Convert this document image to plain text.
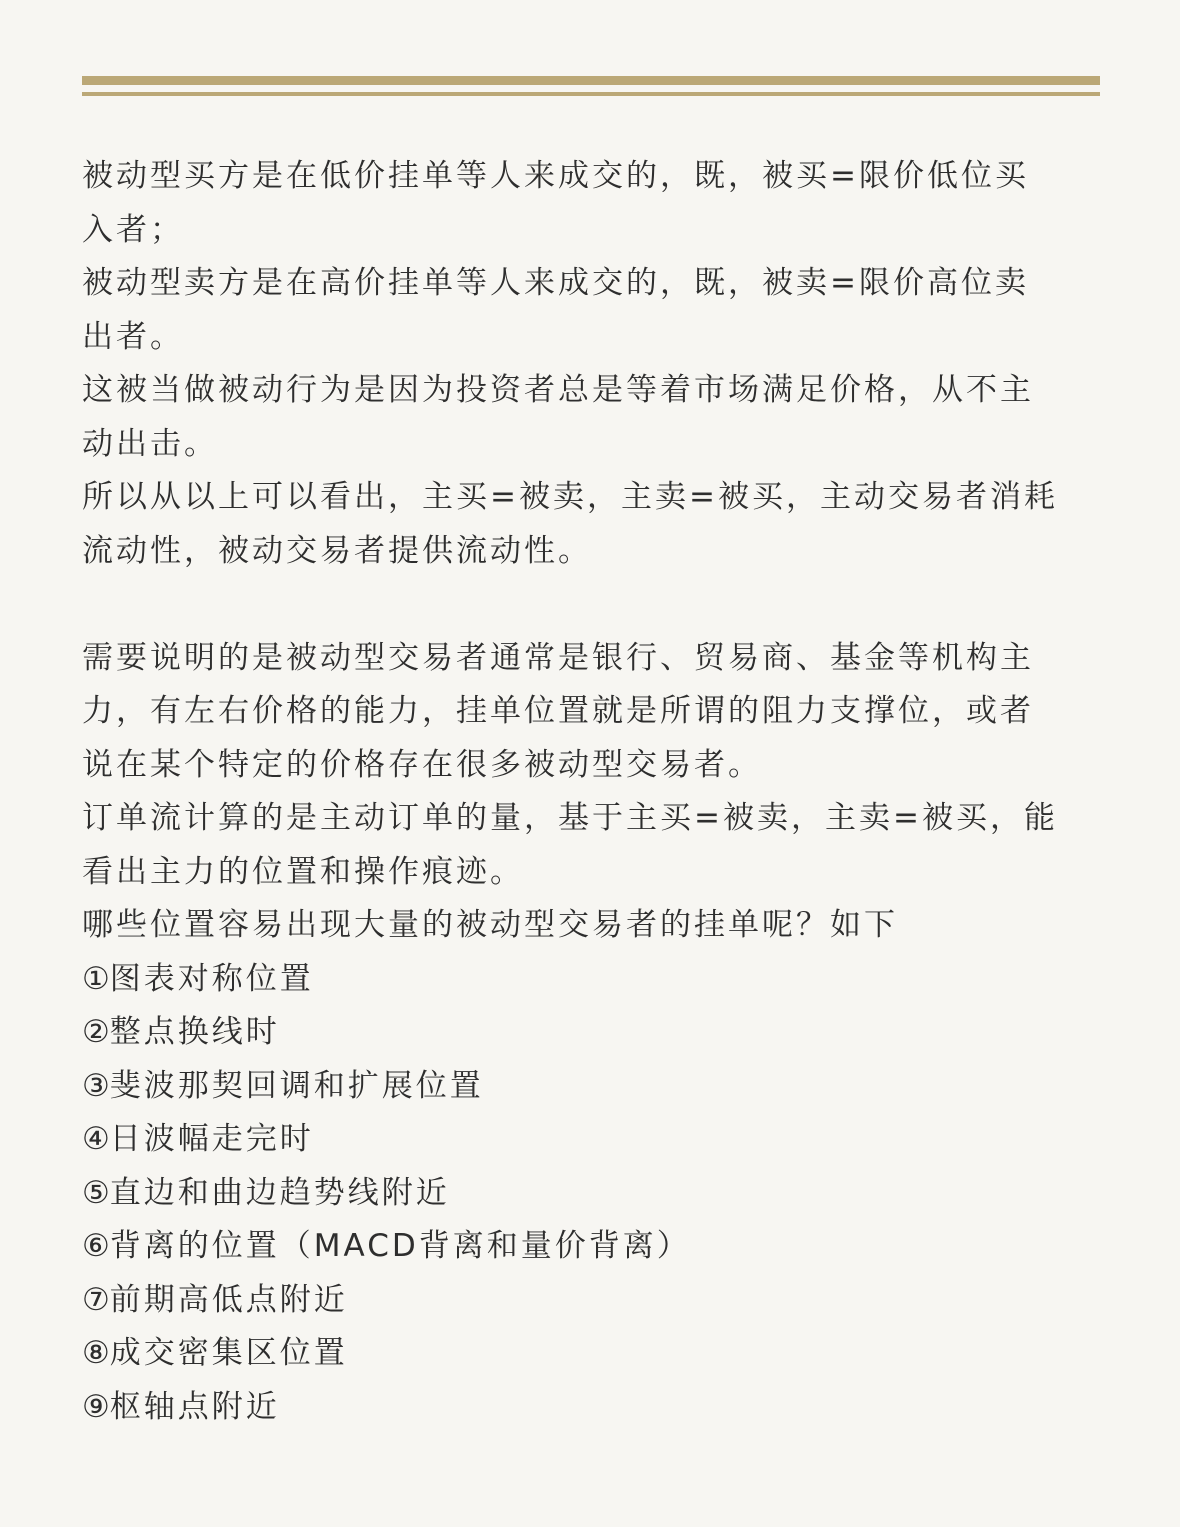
被动型买方是在低价挂单等人来成交的，既，被买=限价低位买
入者；
被动型卖方是在高价挂单等人来成交的，既，被卖=限价高位卖
出者。
这被当做被动行为是因为投资者总是等着市场满足价格，从不主
动出击。
所以从以上可以看出，主买=被卖，主卖=被买，主动交易者消耗
流动性，被动交易者提供流动性。
需要说明的是被动型交易者通常是银行、贸易商、基金等机构主
力，有左右价格的能力，挂单位置就是所谓的阻力支撑位，或者
说在某个特定的价格存在很多被动型交易者。
订单流计算的是主动订单的量，基于主买=被卖，主卖=被买，能
看出主力的位置和操作痕迹。
哪些位置容易出现大量的被动型交易者的挂单呢？如下
①图表对称位置
②整点换线时
③斐波那契回调和扩展位置
④日波幅走完时
⑤直边和曲边趋势线附近
⑥背离的位置（MACD背离和量价背离）
⑦前期高低点附近
⑧成交密集区位置
⑨枢轴点附近
